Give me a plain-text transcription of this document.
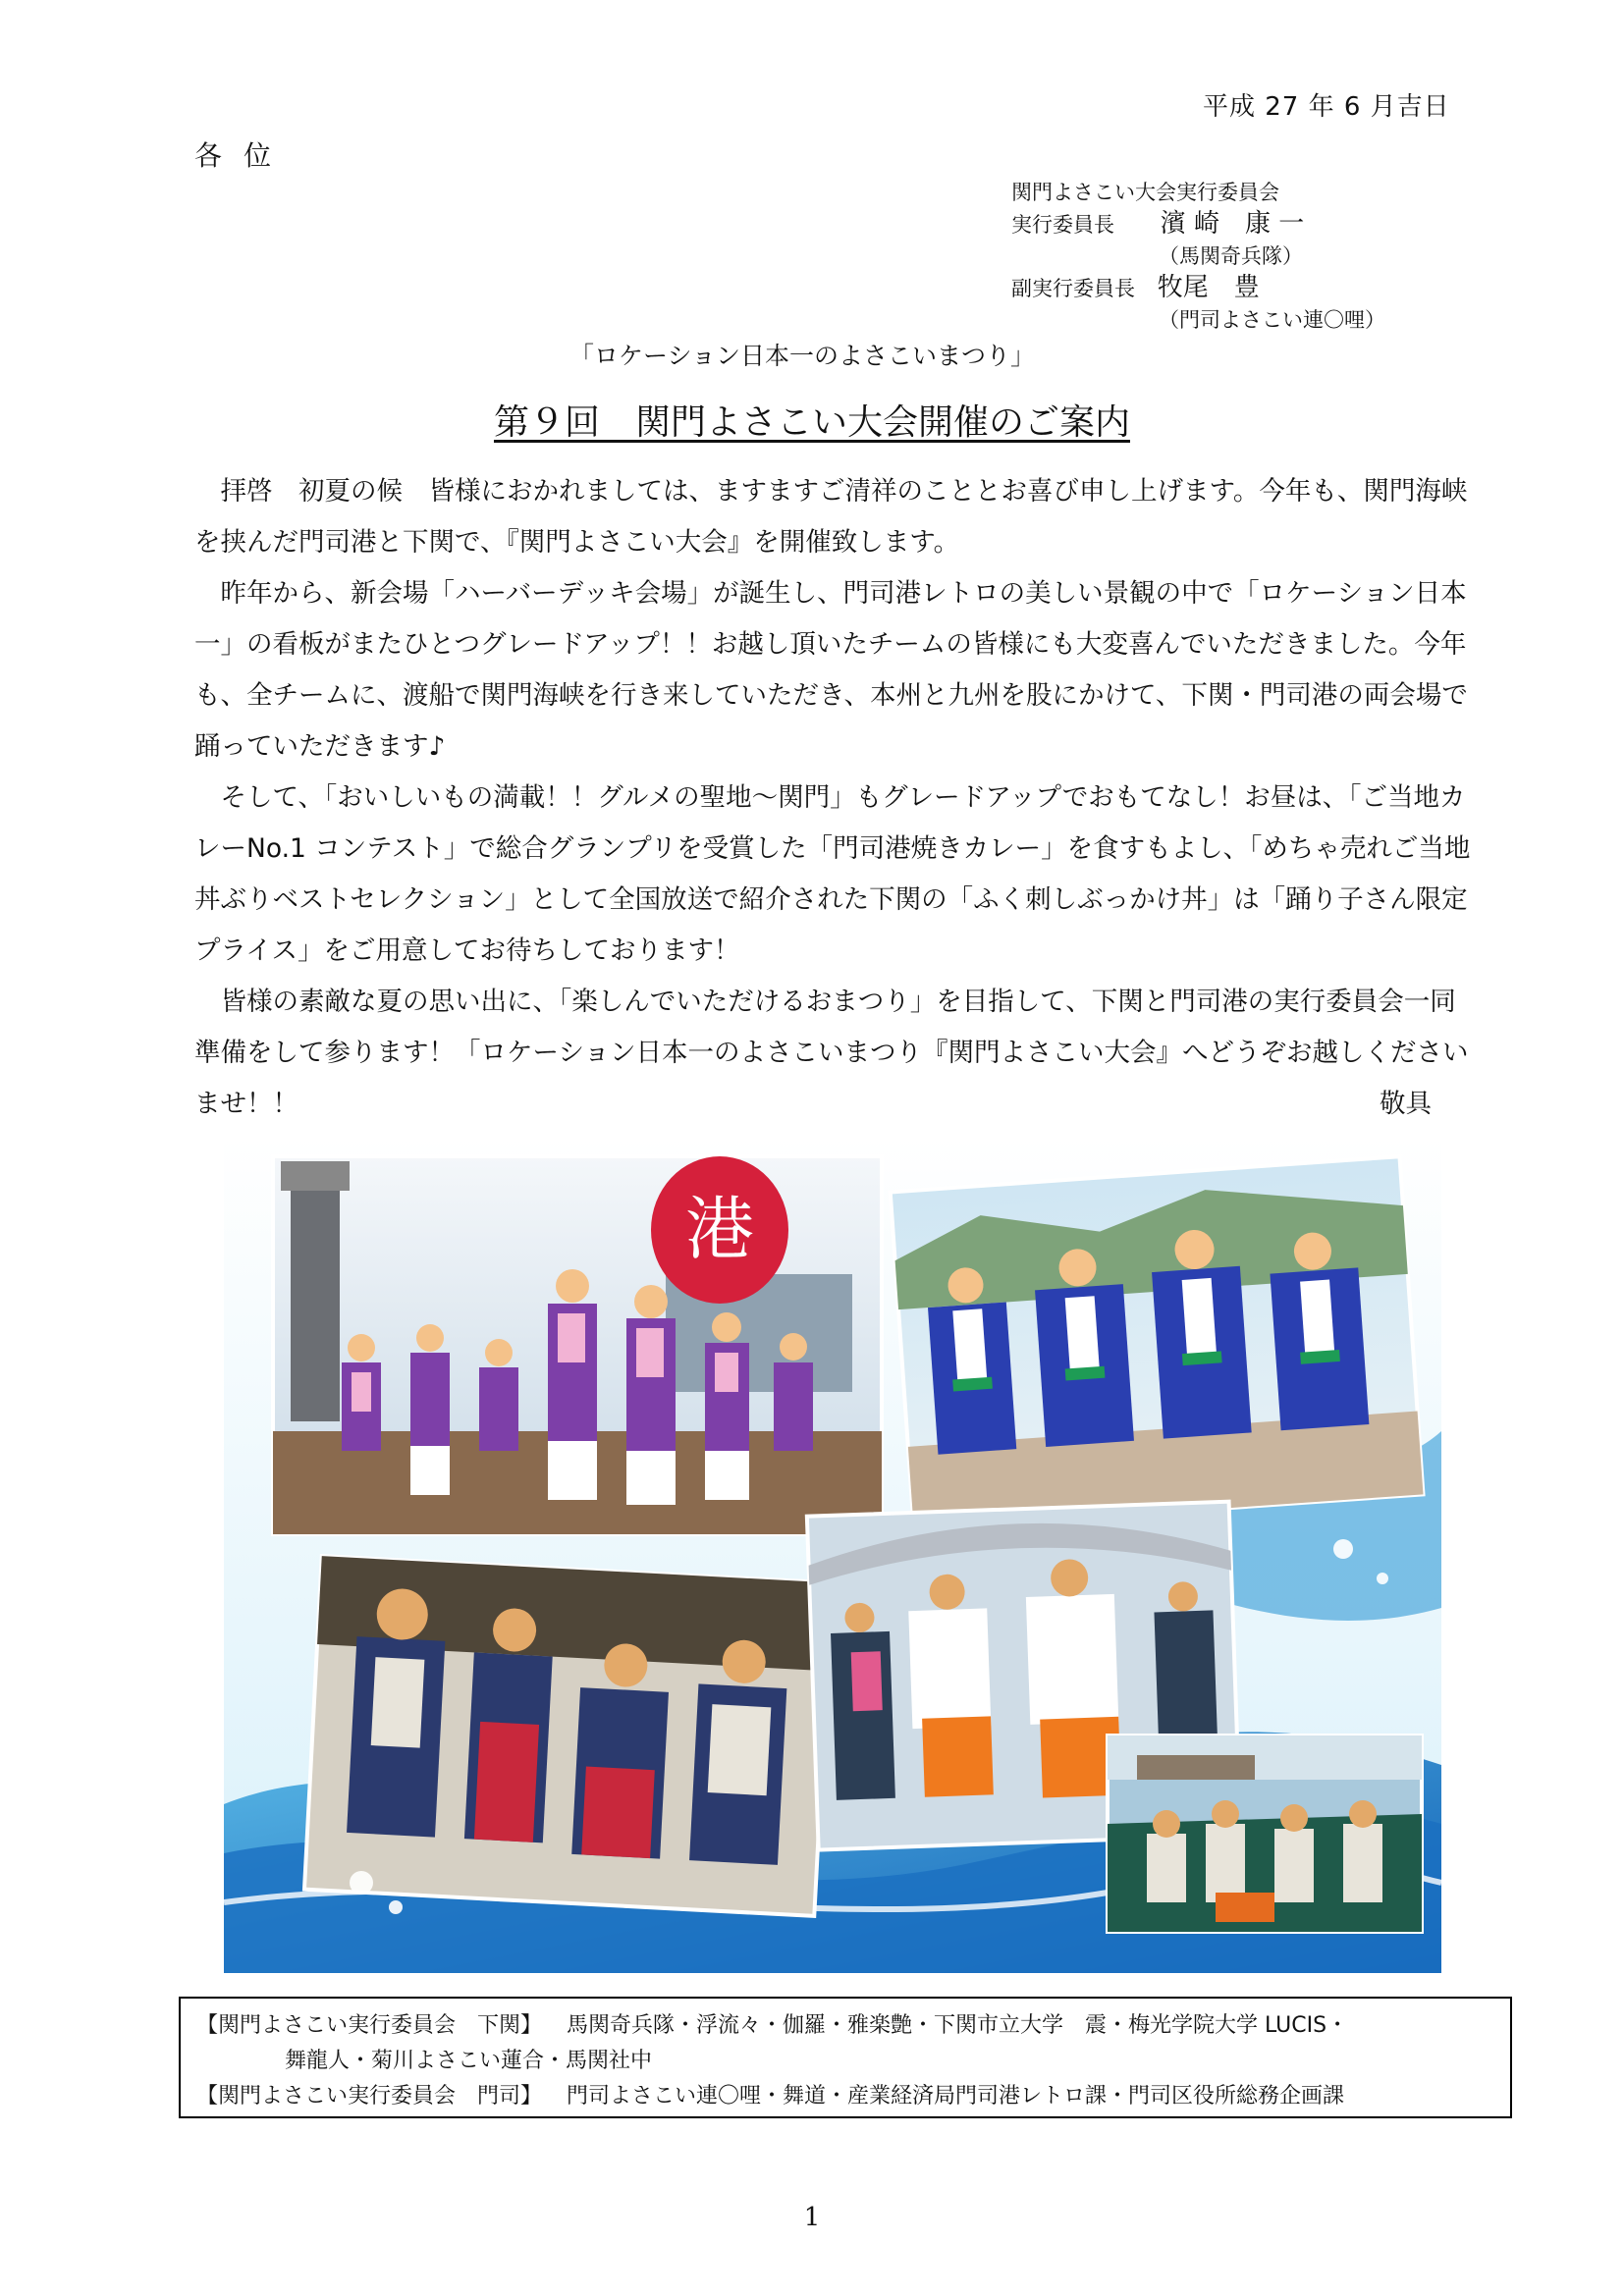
平成 27 年 6 月吉日
各位
関門よさこい大会実行委員会
実行委員長 濱 崎　康 一
（馬関奇兵隊）
副実行委員長 牧尾　豊
（門司よさこい連〇哩）
「ロケーション日本一のよさこいまつり」
第９回　関門よさこい大会開催のご案内

拝啓　初夏の候　皆様におかれましては、ますますご清祥のこととお喜び申し上げます。今年も、関門海峡を挟んだ門司港と下関で、『関門よさこい大会』を開催致します。

昨年から、新会場「ハーバーデッキ会場」が誕生し、門司港レトロの美しい景観の中で「ロケーション日本一」の看板がまたひとつグレードアップ！！お越し頂いたチームの皆様にも大変喜んでいただきました。今年も、全チームに、渡船で関門海峡を行き来していただき、本州と九州を股にかけて、下関・門司港の両会場で踊っていただきます♪

そして、「おいしいもの満載！！グルメの聖地～関門」もグレードアップでおもてなし！お昼は、「ご当地カレーNo.1 コンテスト」で総合グランプリを受賞した「門司港焼きカレー」を食すもよし、「めちゃ売れご当地丼ぶりベストセレクション」として全国放送で紹介された下関の「ふく刺しぶっかけ丼」は「踊り子さん限定プライス」をご用意してお待ちしております！

皆様の素敵な夏の思い出に、「楽しんでいただけるおまつり」を目指して、下関と門司港の実行委員会一同準備をして参ります！「ロケーション日本一のよさこいまつり『関門よさこい大会』へどうぞお越しくださいませ！！	敬具

港
【関門よさこい実行委員会　下関】 馬関奇兵隊・浮流々・伽羅・雅楽艶・下関市立大学　震・梅光学院大学 LUCIS・
舞龍人・菊川よさこい蓮合・馬関社中
【関門よさこい実行委員会　門司】 門司よさこい連〇哩・舞道・産業経済局門司港レトロ課・門司区役所総務企画課
1
